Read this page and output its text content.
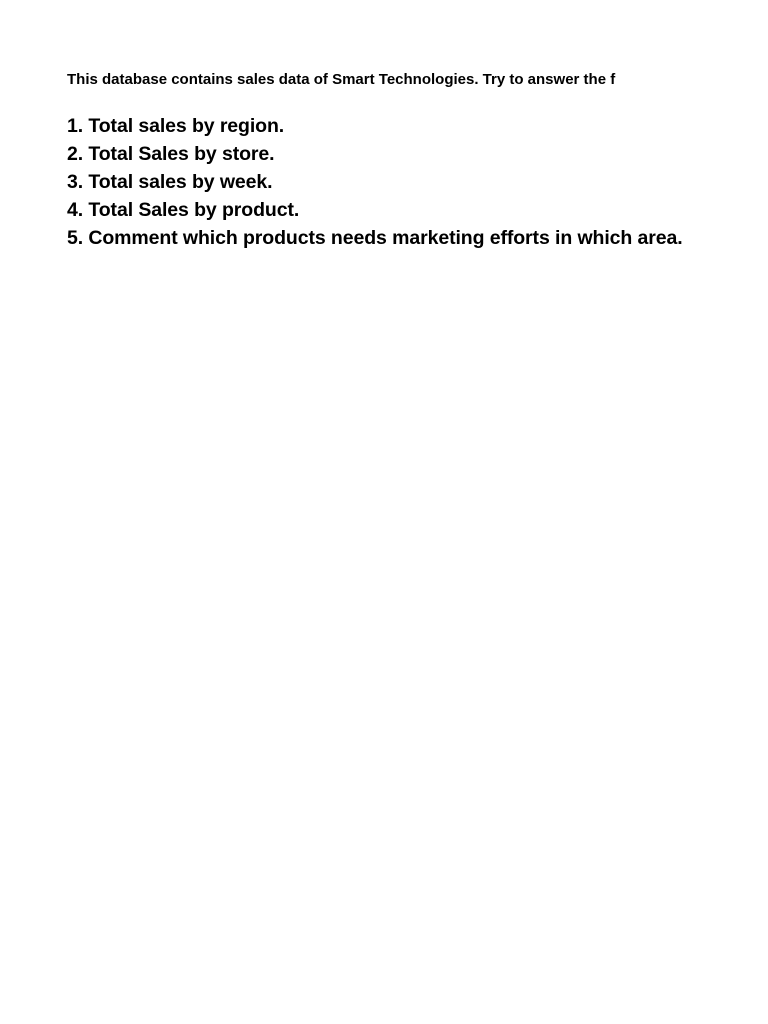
This database contains sales data of Smart Technologies. Try to answer the f
1. Total sales by region.
2. Total Sales by store.
3. Total sales by week.
4. Total Sales by product.
5. Comment which products needs marketing efforts in which area.
